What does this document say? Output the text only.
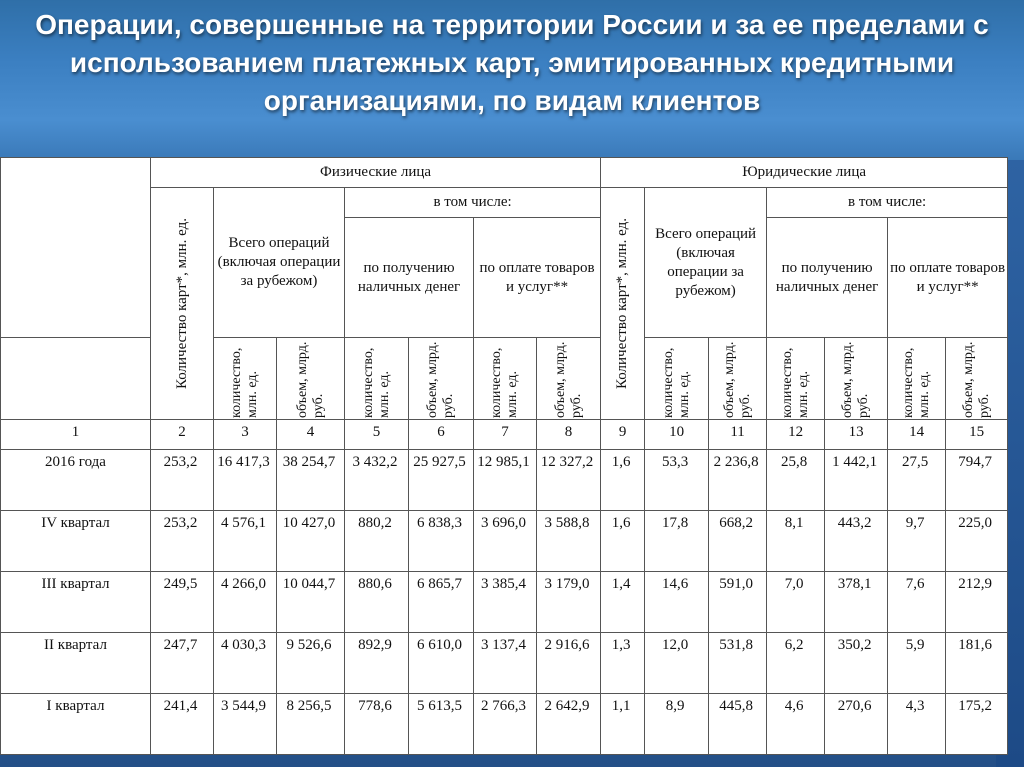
Операции, совершенные на территории России и за ее пределами с использованием платежных карт, эмитированных кредитными организациями, по видам клиентов
	Физические лица							Юридические лица						

	Количество карт*, млн. ед.	Всего операций (включая операции за рубежом)		в том числе:				Количество карт*, млн. ед.	Всего операций (включая операции за рубежом)		в том числе:			
				по получению наличных денег		по оплате товаров и услуг**					по получению наличных денег		по оплате товаров и услуг**	

		количество, млн. ед.	объем, млрд. руб.	количество, млн. ед.	объем, млрд. руб.	количество, млн. ед.	объем, млрд. руб.		количество, млн. ед.	объем, млрд. руб.	количество, млн. ед.	объем, млрд. руб.	количество, млн. ед.	объем, млрд. руб.

1	2	3	4	5	6	7	8	9	10	11	12	13	14	15
2016 года	253,2	16 417,3	38 254,7	3 432,2	25 927,5	12 985,1	12 327,2	1,6	53,3	2 236,8	25,8	1 442,1	27,5	794,7
IV квартал	253,2	4 576,1	10 427,0	880,2	6 838,3	3 696,0	3 588,8	1,6	17,8	668,2	8,1	443,2	9,7	225,0
III квартал	249,5	4 266,0	10 044,7	880,6	6 865,7	3 385,4	3 179,0	1,4	14,6	591,0	7,0	378,1	7,6	212,9
II квартал	247,7	4 030,3	9 526,6	892,9	6 610,0	3 137,4	2 916,6	1,3	12,0	531,8	6,2	350,2	5,9	181,6
I квартал	241,4	3 544,9	8 256,5	778,6	5 613,5	2 766,3	2 642,9	1,1	8,9	445,8	4,6	270,6	4,3	175,2
